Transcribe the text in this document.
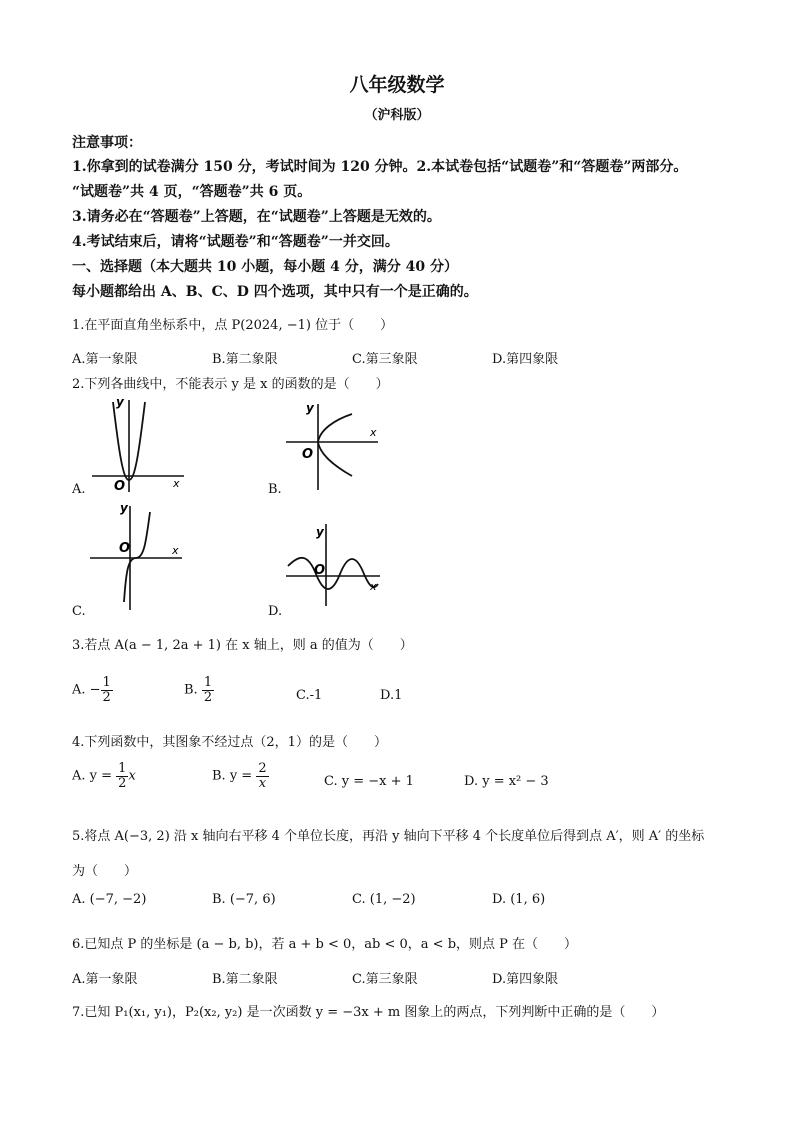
八年级数学
（沪科版）
注意事项：
1.你拿到的试卷满分 150 分，考试时间为 120 分钟。2.本试卷包括“试题卷”和“答题卷”两部分。
“试题卷”共 4 页，“答题卷”共 6 页。
3.请务必在“答题卷”上答题，在“试题卷”上答题是无效的。
4.考试结束后，请将“试题卷”和“答题卷”一并交回。
一、选择题（本大题共 10 小题，每小题 4 分，满分 40 分）
每小题都给出 A、B、C、D 四个选项，其中只有一个是正确的。
1.在平面直角坐标系中，点 P(2024, −1) 位于（　　）
A.第一象限	B.第二象限	C.第三象限	D.第四象限
2.下列各曲线中，不能表示 y 是 x 的函数的是（　　）
y
x
O
A.
y
x
O
B.
y
x
O
C.
y
x
O
D.
3.若点 A(a − 1, 2a + 1) 在 x 轴上，则 a 的值为（　　）
A. − $\frac{1}{2}$	B. $\frac{1}{2}$	C.-1	D.1
4.下列函数中，其图象不经过点（2，1）的是（　　）
A. $y = \frac{1}{2}$ x	B. $y = \frac{2}{x}$	C. y = −x + 1	D. y = x² − 3
5.将点 A(−3, 2) 沿 x 轴向右平移 4 个单位长度，再沿 y 轴向下平移 4 个长度单位后得到点 A′，则 A′ 的坐标
为（　　）
A. (−7, −2)	B. (−7, 6)	C. (1, −2)	D. (1, 6)
6.已知点 P 的坐标是 (a − b, b)，若 a + b < 0，ab < 0，a < b，则点 P 在（　　）
A.第一象限	B.第二象限	C.第三象限	D.第四象限
7.已知 P₁(x₁, y₁)，P₂(x₂, y₂) 是一次函数 y = −3x + m 图象上的两点，下列判断中正确的是（　　）
